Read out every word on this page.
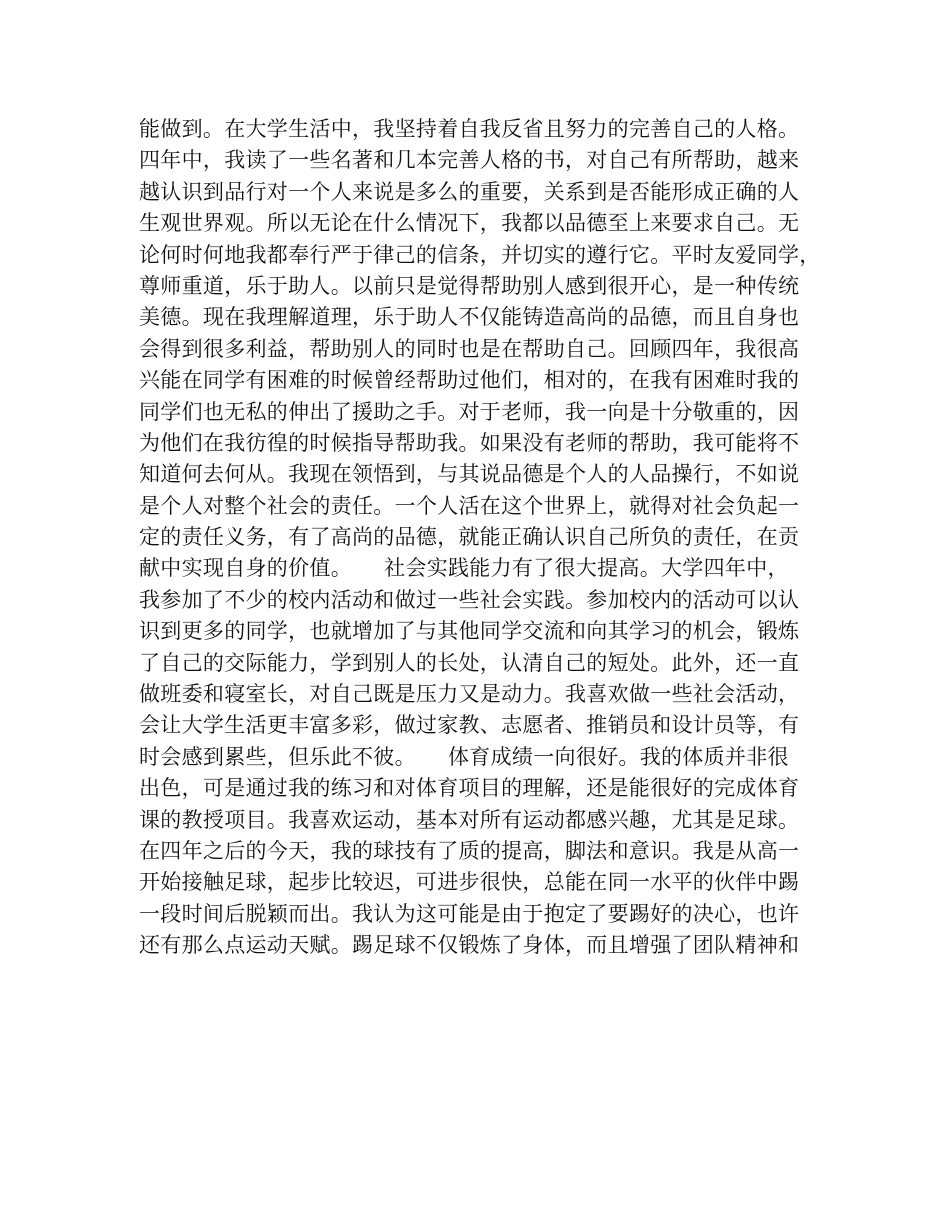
能做到。在大学生活中，我坚持着自我反省且努力的完善自己的人格。
四年中，我读了一些名著和几本完善人格的书，对自己有所帮助，越来
越认识到品行对一个人来说是多么的重要，关系到是否能形成正确的人
生观世界观。所以无论在什么情况下，我都以品德至上来要求自己。无
论何时何地我都奉行严于律己的信条，并切实的遵行它。平时友爱同学，
尊师重道，乐于助人。以前只是觉得帮助别人感到很开心，是一种传统
美德。现在我理解道理，乐于助人不仅能铸造高尚的品德，而且自身也
会得到很多利益，帮助别人的同时也是在帮助自己。回顾四年，我很高
兴能在同学有困难的时候曾经帮助过他们，相对的，在我有困难时我的
同学们也无私的伸出了援助之手。对于老师，我一向是十分敬重的，因
为他们在我彷徨的时候指导帮助我。如果没有老师的帮助，我可能将不
知道何去何从。我现在领悟到，与其说品德是个人的人品操行，不如说
是个人对整个社会的责任。一个人活在这个世界上，就得对社会负起一
定的责任义务，有了高尚的品德，就能正确认识自己所负的责任，在贡
献中实现自身的价值。　　社会实践能力有了很大提高。大学四年中，
我参加了不少的校内活动和做过一些社会实践。参加校内的活动可以认
识到更多的同学，也就增加了与其他同学交流和向其学习的机会，锻炼
了自己的交际能力，学到别人的长处，认清自己的短处。此外，还一直
做班委和寝室长，对自己既是压力又是动力。我喜欢做一些社会活动，
会让大学生活更丰富多彩，做过家教、志愿者、推销员和设计员等，有
时会感到累些，但乐此不彼。　　体育成绩一向很好。我的体质并非很
出色，可是通过我的练习和对体育项目的理解，还是能很好的完成体育
课的教授项目。我喜欢运动，基本对所有运动都感兴趣，尤其是足球。
在四年之后的今天，我的球技有了质的提高，脚法和意识。我是从高一
开始接触足球，起步比较迟，可进步很快，总能在同一水平的伙伴中踢
一段时间后脱颖而出。我认为这可能是由于抱定了要踢好的决心，也许
还有那么点运动天赋。踢足球不仅锻炼了身体，而且增强了团队精神和
